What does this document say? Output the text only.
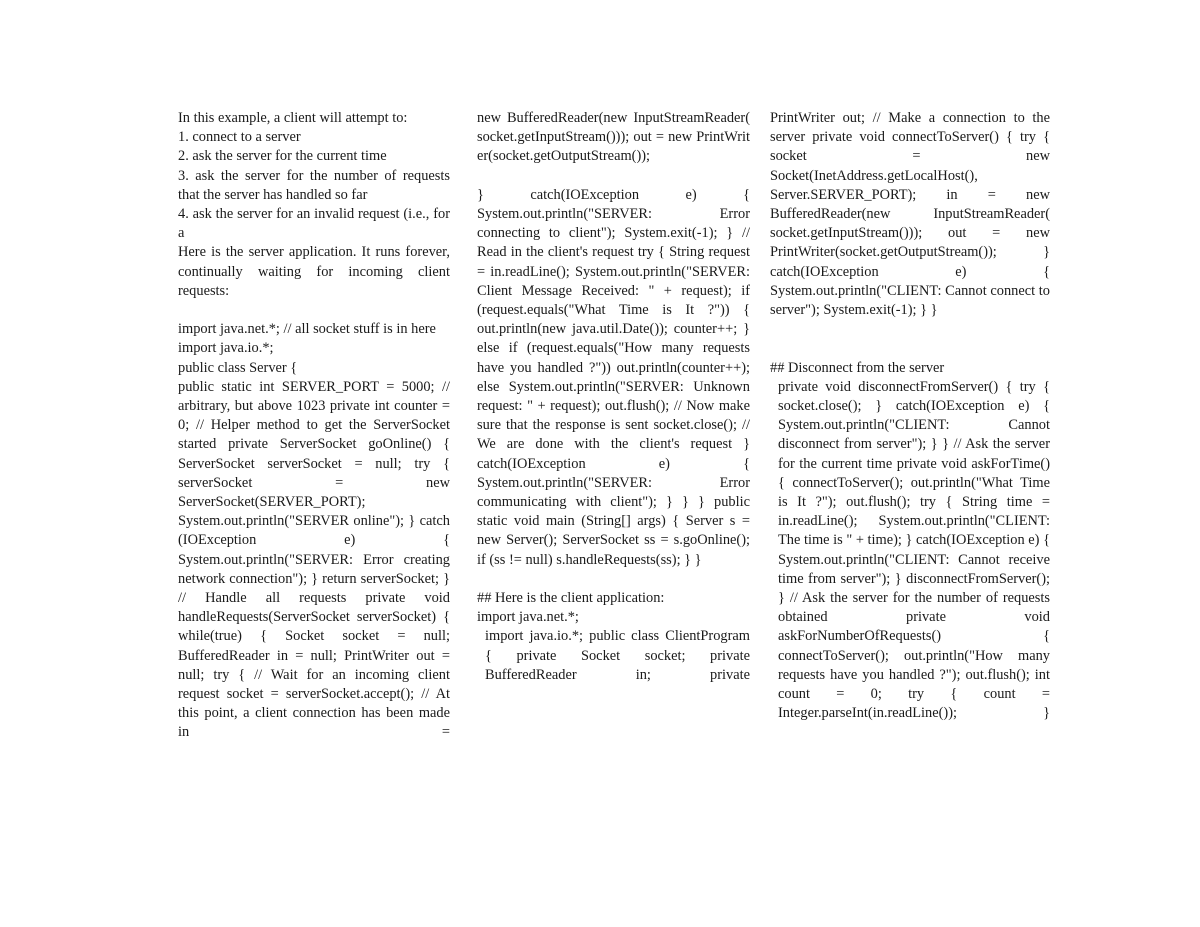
In this example, a client will attempt to:

1. connect to a server

2. ask the server for the current time

3. ask the server for the number of requests that the server has handled so far

4. ask the server for an invalid request (i.e., for a

Here is the server application. It runs forever, continually waiting for incoming client requests:

import java.net.*; // all socket stuff is in here

import java.io.*;

public class Server {

public static int SERVER_PORT = 5000; // arbitrary, but above 1023 private int counter = 0; // Helper method to get the ServerSocket started private ServerSocket goOnline() { ServerSocket serverSocket = null; try { serverSocket = new ServerSocket(SERVER_PORT); System.out.println("SERVER online"); } catch (IOException e) { System.out.println("SERVER: Error creating network connection"); } return serverSocket; } // Handle all requests private void handleRequests(ServerSocket serverSocket) { while(true) { Socket socket = null; BufferedReader in = null; PrintWriter out = null; try { // Wait for an incoming client request socket = serverSocket.accept(); // At this point, a client connection has been made in =

new BufferedReader(new InputStreamReader( socket.getInputStream())); out = new PrintWriter(socket.getOutputStream());

} catch(IOException e) { System.out.println("SERVER: Error connecting to client"); System.exit(-1); } // Read in the client's request try { String request = in.readLine(); System.out.println("SERVER: Client Message Received: " + request); if (request.equals("What Time is It ?")) { out.println(new java.util.Date()); counter++; } else if (request.equals("How many requests have you handled ?")) out.println(counter++); else System.out.println("SERVER: Unknown request: " + request); out.flush(); // Now make sure that the response is sent socket.close(); // We are done with the client's request } catch(IOException e) { System.out.println("SERVER: Error communicating with client"); } } } public static void main (String[] args) { Server s = new Server(); ServerSocket ss = s.goOnline(); if (ss != null) s.handleRequests(ss); } }

## Here is the client application:

import java.net.*;

import java.io.*; public class ClientProgram { private Socket socket; private BufferedReader in; private

PrintWriter out; // Make a connection to the server private void connectToServer() { try { socket = new Socket(InetAddress.getLocalHost(), Server.SERVER_PORT); in = new BufferedReader(new InputStreamReader( socket.getInputStream())); out = new PrintWriter(socket.getOutputStream()); } catch(IOException e) { System.out.println("CLIENT: Cannot connect to server"); System.exit(-1); } }

## Disconnect from the server

private void disconnectFromServer() { try { socket.close(); } catch(IOException e) { System.out.println("CLIENT: Cannot disconnect from server"); } } // Ask the server for the current time private void askForTime() { connectToServer(); out.println("What Time is It ?"); out.flush(); try { String time = in.readLine(); System.out.println("CLIENT: The time is " + time); } catch(IOException e) { System.out.println("CLIENT: Cannot receive time from server"); } disconnectFromServer(); } // Ask the server for the number of requests obtained private void askForNumberOfRequests() { connectToServer(); out.println("How many requests have you handled ?"); out.flush(); int count = 0; try { count = Integer.parseInt(in.readLine()); }
